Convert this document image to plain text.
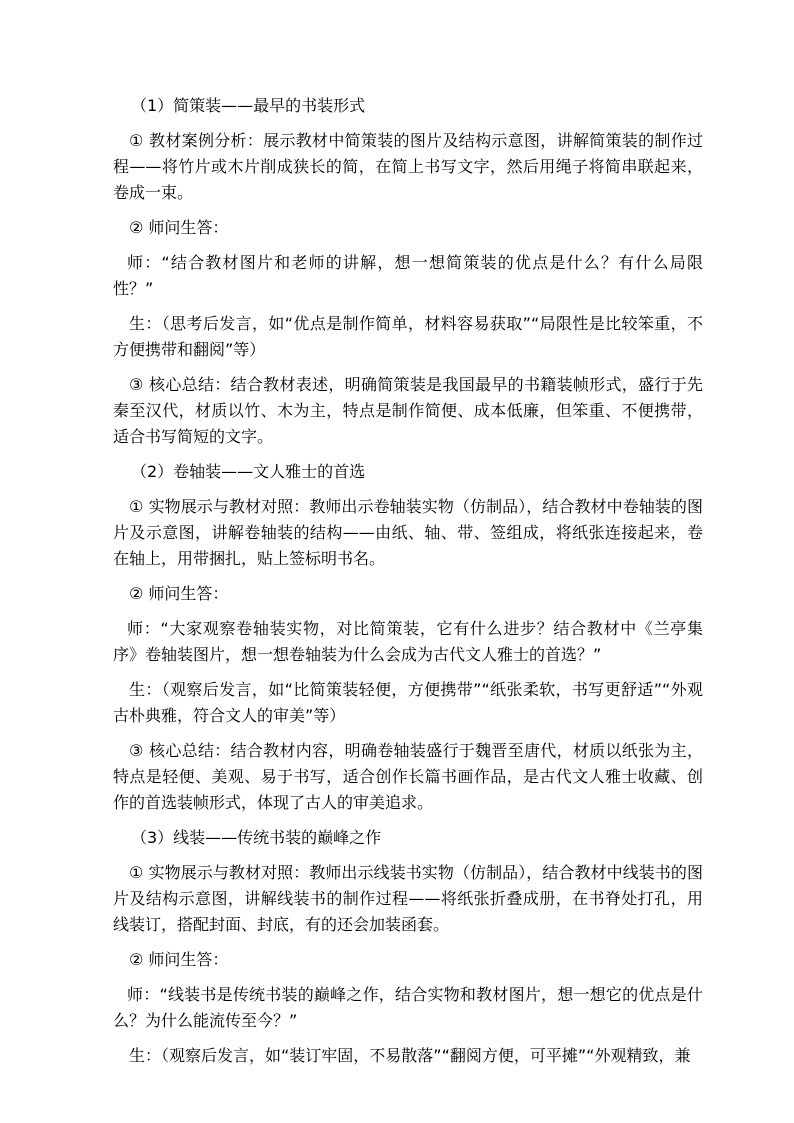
（1）简策装——最早的书装形式

① 教材案例分析：展示教材中简策装的图片及结构示意图，讲解简策装的制作过程——将竹片或木片削成狭长的简，在简上书写文字，然后用绳子将简串联起来，卷成一束。

② 师问生答：

师：“结合教材图片和老师的讲解，想一想简策装的优点是什么？有什么局限性？”

生：（思考后发言，如“优点是制作简单，材料容易获取”“局限性是比较笨重，不方便携带和翻阅”等）

③ 核心总结：结合教材表述，明确简策装是我国最早的书籍装帧形式，盛行于先秦至汉代，材质以竹、木为主，特点是制作简便、成本低廉，但笨重、不便携带，适合书写简短的文字。

（2）卷轴装——文人雅士的首选

① 实物展示与教材对照：教师出示卷轴装实物（仿制品），结合教材中卷轴装的图片及示意图，讲解卷轴装的结构——由纸、轴、带、签组成，将纸张连接起来，卷在轴上，用带捆扎，贴上签标明书名。

② 师问生答：

师：“大家观察卷轴装实物，对比简策装，它有什么进步？结合教材中《兰亭集序》卷轴装图片，想一想卷轴装为什么会成为古代文人雅士的首选？”

生：（观察后发言，如“比简策装轻便，方便携带”“纸张柔软，书写更舒适”“外观古朴典雅，符合文人的审美”等）

③ 核心总结：结合教材内容，明确卷轴装盛行于魏晋至唐代，材质以纸张为主，特点是轻便、美观、易于书写，适合创作长篇书画作品，是古代文人雅士收藏、创作的首选装帧形式，体现了古人的审美追求。

（3）线装——传统书装的巅峰之作

① 实物展示与教材对照：教师出示线装书实物（仿制品），结合教材中线装书的图片及结构示意图，讲解线装书的制作过程——将纸张折叠成册，在书脊处打孔，用线装订，搭配封面、封底，有的还会加装函套。

② 师问生答：

师：“线装书是传统书装的巅峰之作，结合实物和教材图片，想一想它的优点是什么？为什么能流传至今？”

生：（观察后发言，如“装订牢固，不易散落”“翻阅方便，可平摊”“外观精致，兼
